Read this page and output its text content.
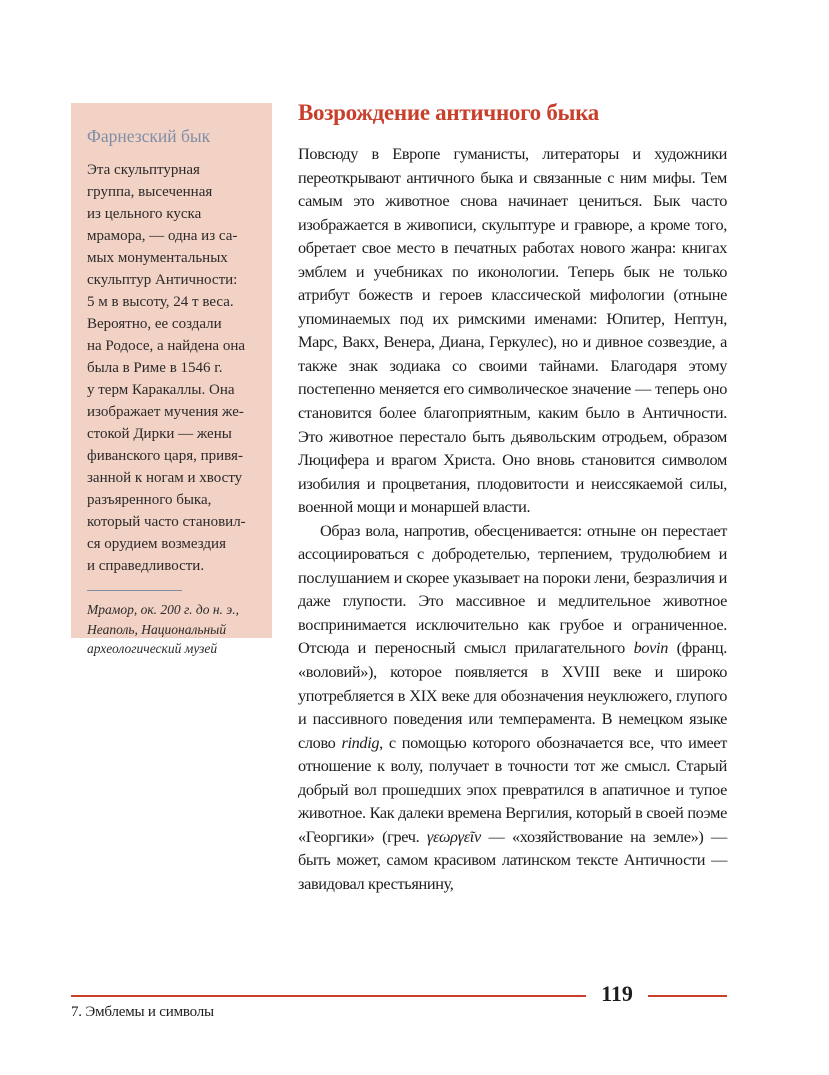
Фарнезский бык

Эта скульптурная

группа, высеченная

из цельного куска

мрамора, — одна из са-

мых монументальных

скульптур Античности:

5 м в высоту, 24 т веса.

Вероятно, ее создали

на Родосе, а найдена она

была в Риме в 1546 г.

у терм Каракаллы. Она

изображает мучения же-

стокой Дирки — жены

фиванского царя, привя-

занной к ногам и хвосту

разъяренного быка,

который часто становил-

ся орудием возмездия

и справедливости.

Мрамор, ок. 200 г. до н. э.,

Неаполь, Национальный

археологический музей

Возрождение античного быка

Повсюду в Европе гуманисты, литераторы и художники переоткрывают античного быка и связанные с ним мифы. Тем самым это животное снова начинает цениться. Бык часто изображается в живописи, скульптуре и гравюре, а кроме того, обретает свое место в печатных работах нового жанра: книгах эмблем и учебниках по иконологии. Теперь бык не только атрибут божеств и героев классической мифологии (отныне упоминаемых под их римскими именами: Юпитер, Нептун, Марс, Вакх, Венера, Диана, Геркулес), но и дивное созвездие, а также знак зодиака со своими тайнами. Благодаря этому постепенно меняется его символическое значение — теперь оно становится более благоприятным, каким было в Античности. Это животное перестало быть дьявольским отродьем, образом Люцифера и врагом Христа. Оно вновь становится символом изобилия и процветания, плодовитости и неиссякаемой силы, военной мощи и монаршей власти.

Образ вола, напротив, обесценивается: отныне он перестает ассоциироваться с добродетелью, терпением, трудолюбием и послушанием и скорее указывает на пороки лени, безразличия и даже глупости. Это массивное и медлительное животное воспринимается исключительно как грубое и ограниченное. Отсюда и переносный смысл прилагательного bovin (франц. «воловий»), которое появляется в XVIII веке и широко употребляется в XIX веке для обозначения неуклюжего, глупого и пассивного поведения или темперамента. В немецком языке слово rindig, с помощью которого обозначается все, что имеет отношение к волу, получает в точности тот же смысл. Старый добрый вол прошедших эпох превратился в апатичное и тупое животное. Как далеки времена Вергилия, который в своей поэме «Георгики» (греч. γεωργεῖν — «хозяйствование на земле») — быть может, самом красивом латинском тексте Античности — завидовал крестьянину,

119
7. Эмблемы и символы
